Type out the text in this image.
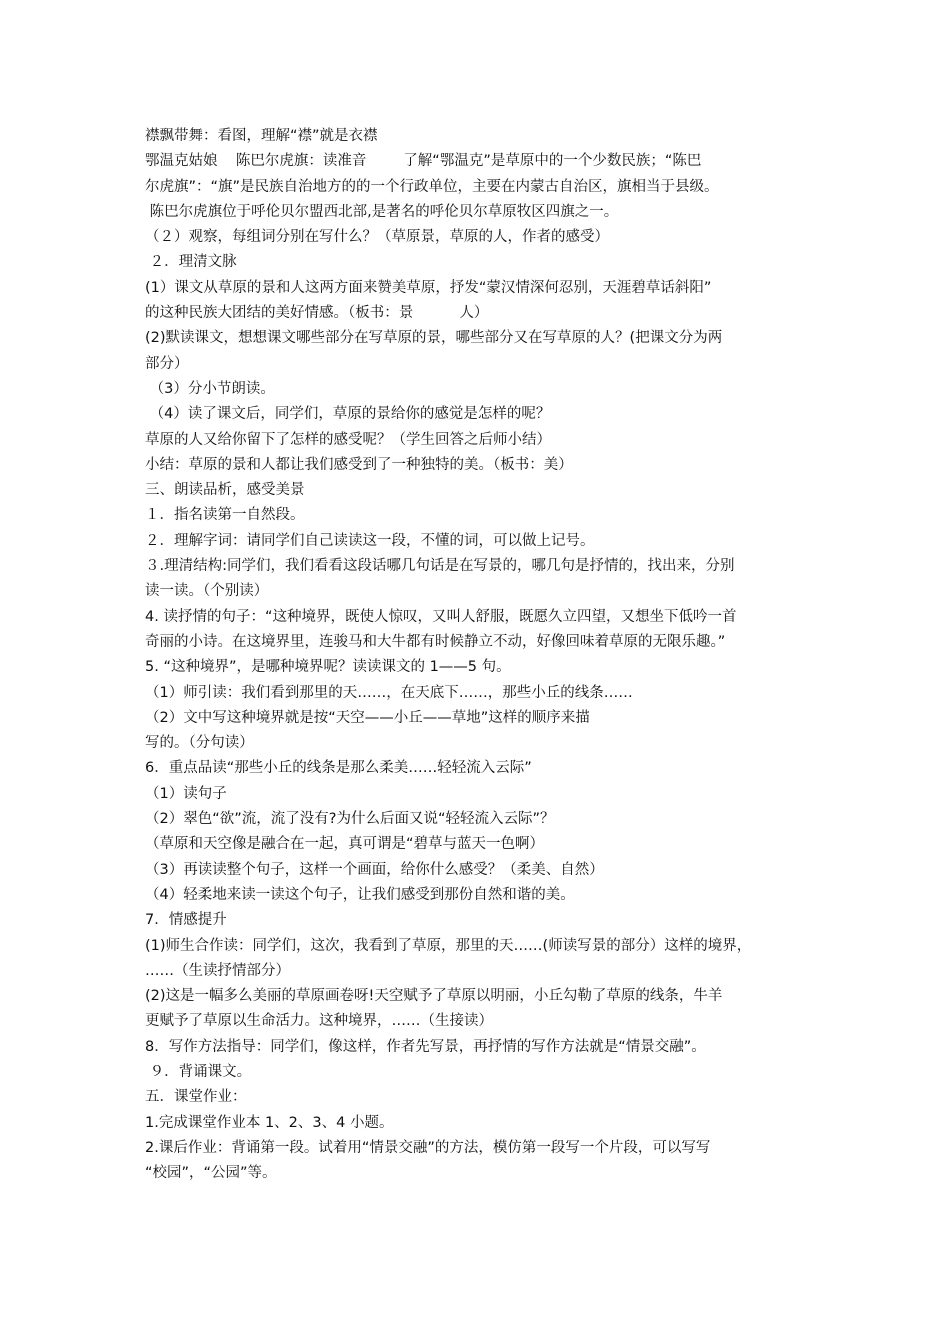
襟飘带舞：看图，理解“襟”就是衣襟
鄂温克姑娘    陈巴尔虎旗：读准音        了解“鄂温克”是草原中的一个少数民族；“陈巴
尔虎旗”：“旗”是民族自治地方的的一个行政单位，主要在内蒙古自治区，旗相当于县级。
陈巴尔虎旗位于呼伦贝尔盟西北部,是著名的呼伦贝尔草原牧区四旗之一。
（２）观察，每组词分别在写什么？（草原景，草原的人，作者的感受）
２．理清文脉
(1）课文从草原的景和人这两方面来赞美草原，抒发“蒙汉情深何忍别，天涯碧草话斜阳”
的这种民族大团结的美好情感。（板书：景          人）
(2)默读课文，想想课文哪些部分在写草原的景，哪些部分又在写草原的人？(把课文分为两
部分）
（3）分小节朗读。
（4）读了课文后，同学们，草原的景给你的感觉是怎样的呢？
草原的人又给你留下了怎样的感受呢？（学生回答之后师小结）
小结：草原的景和人都让我们感受到了一种独特的美。（板书：美）
三、朗读品析，感受美景
１．指名读第一自然段。
２．理解字词：请同学们自己读读这一段，不懂的词，可以做上记号。
３.理清结构:同学们，我们看看这段话哪几句话是在写景的，哪几句是抒情的，找出来，分别
读一读。（个别读）
4. 读抒情的句子：“这种境界，既使人惊叹，又叫人舒服，既愿久立四望，又想坐下低吟一首
奇丽的小诗。在这境界里，连骏马和大牛都有时候静立不动，好像回味着草原的无限乐趣。”
5. “这种境界”，是哪种境界呢？读读课文的 1——5 句。
（1）师引读：我们看到那里的天……，在天底下……，那些小丘的线条……
（2）文中写这种境界就是按“天空——小丘——草地”这样的顺序来描
写的。（分句读）
6．重点品读“那些小丘的线条是那么柔美……轻轻流入云际”
（1）读句子
（2）翠色“欲”流，流了没有?为什么后面又说“轻轻流入云际”？
（草原和天空像是融合在一起，真可谓是“碧草与蓝天一色啊）
（3）再读读整个句子，这样一个画面，给你什么感受？（柔美、自然）
（4）轻柔地来读一读这个句子，让我们感受到那份自然和谐的美。
7．情感提升
(1)师生合作读：同学们，这次，我看到了草原，那里的天……(师读写景的部分）这样的境界，
……（生读抒情部分）
(2)这是一幅多么美丽的草原画卷呀!天空赋予了草原以明丽，小丘勾勒了草原的线条，牛羊
更赋予了草原以生命活力。这种境界，……（生接读）
8．写作方法指导：同学们，像这样，作者先写景，再抒情的写作方法就是“情景交融”。
９．背诵课文。
五．课堂作业：
1.完成课堂作业本 1、2、3、4 小题。
2.课后作业：背诵第一段。试着用“情景交融”的方法，模仿第一段写一个片段，可以写写
“校园”，“公园”等。
